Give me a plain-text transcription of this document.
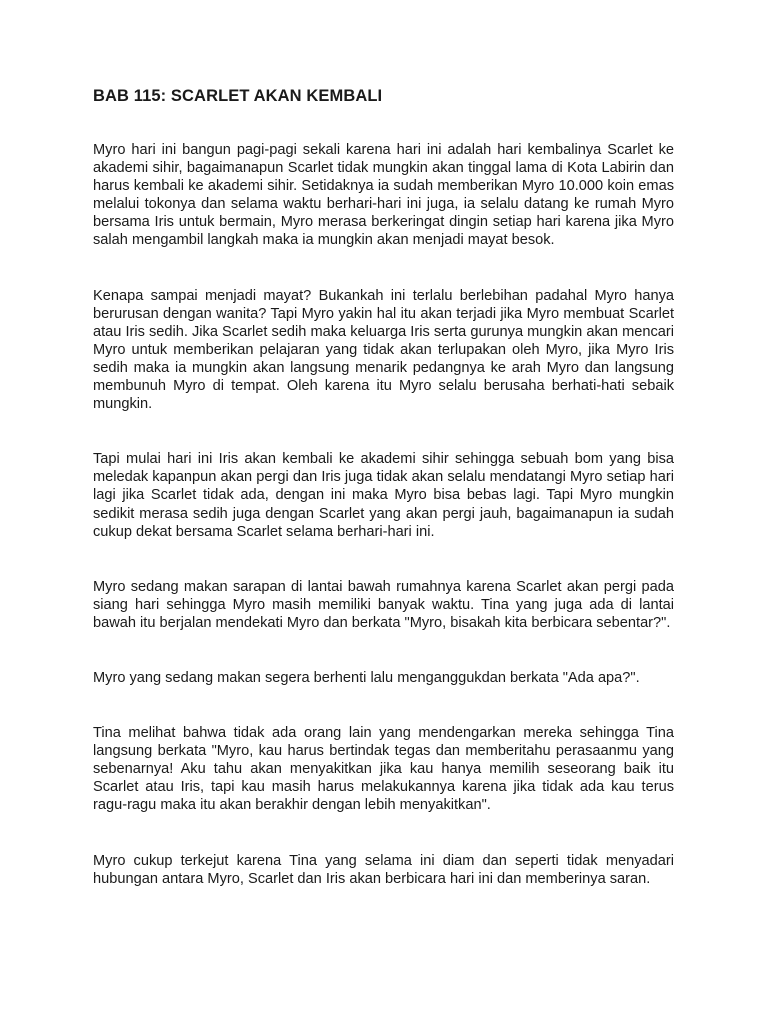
BAB 115: SCARLET AKAN KEMBALI

Myro hari ini bangun pagi-pagi sekali karena hari ini adalah hari kembalinya Scarlet ke akademi sihir, bagaimanapun Scarlet tidak mungkin akan tinggal lama di Kota Labirin dan harus kembali ke akademi sihir. Setidaknya ia sudah memberikan Myro 10.000 koin emas melalui tokonya dan selama waktu berhari-hari ini juga, ia selalu datang ke rumah Myro bersama Iris untuk bermain, Myro merasa berkeringat dingin setiap hari karena jika Myro salah mengambil langkah maka ia mungkin akan menjadi mayat besok.

Kenapa sampai menjadi mayat? Bukankah ini terlalu berlebihan padahal Myro hanya berurusan dengan wanita? Tapi Myro yakin hal itu akan terjadi jika Myro membuat Scarlet atau Iris sedih. Jika Scarlet sedih maka keluarga Iris serta gurunya mungkin akan mencari Myro untuk memberikan pelajaran yang tidak akan terlupakan oleh Myro, jika Myro Iris sedih maka ia mungkin akan langsung menarik pedangnya ke arah Myro dan langsung membunuh Myro di tempat. Oleh karena itu Myro selalu berusaha berhati-hati sebaik mungkin.

Tapi mulai hari ini Iris akan kembali ke akademi sihir sehingga sebuah bom yang bisa meledak kapanpun akan pergi dan Iris juga tidak akan selalu mendatangi Myro setiap hari lagi jika Scarlet tidak ada, dengan ini maka Myro bisa bebas lagi. Tapi Myro mungkin sedikit merasa sedih juga dengan Scarlet yang akan pergi jauh, bagaimanapun ia sudah cukup dekat bersama Scarlet selama berhari-hari ini.

Myro sedang makan sarapan di lantai bawah rumahnya karena Scarlet akan pergi pada siang hari sehingga Myro masih memiliki banyak waktu. Tina yang juga ada di lantai bawah itu berjalan mendekati Myro dan berkata "Myro, bisakah kita berbicara sebentar?".

Myro yang sedang makan segera berhenti lalu menganggukdan berkata "Ada apa?".

Tina melihat bahwa tidak ada orang lain yang mendengarkan mereka sehingga Tina langsung berkata "Myro, kau harus bertindak tegas dan memberitahu perasaanmu yang sebenarnya! Aku tahu akan menyakitkan jika kau hanya memilih seseorang baik itu Scarlet atau Iris, tapi kau masih harus melakukannya karena jika tidak ada kau terus ragu-ragu maka itu akan berakhir dengan lebih menyakitkan".

Myro cukup terkejut karena Tina yang selama ini diam dan seperti tidak menyadari hubungan antara Myro, Scarlet dan Iris akan berbicara hari ini dan memberinya saran.
